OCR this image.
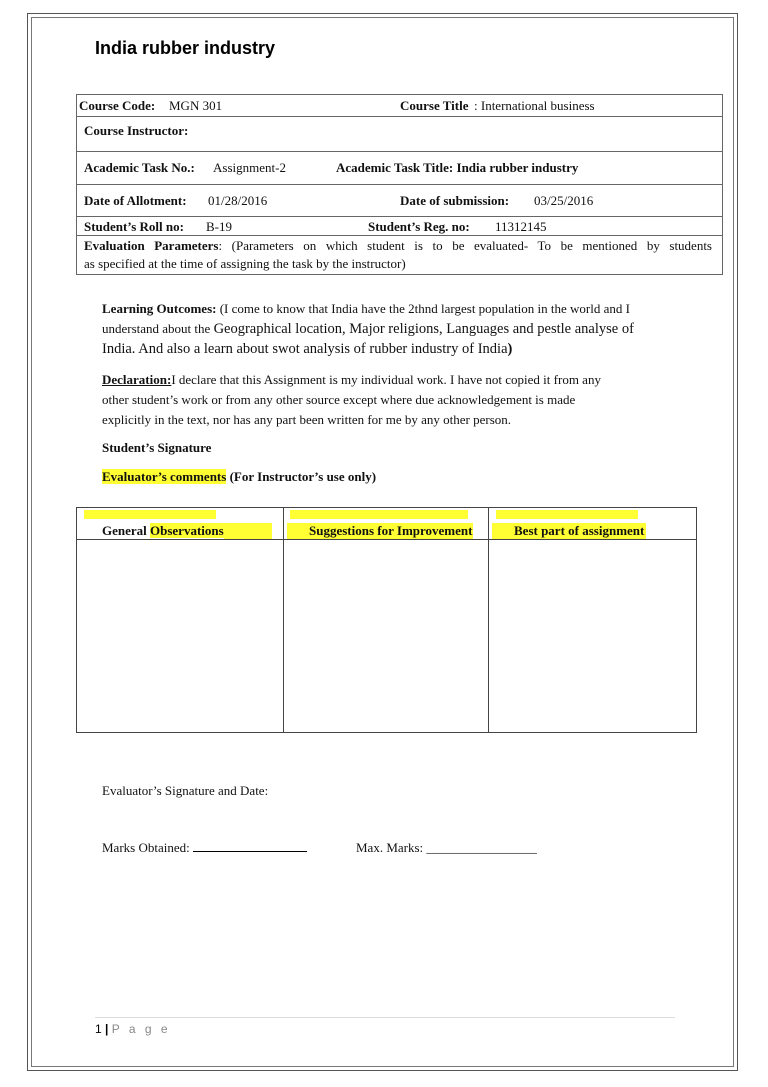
India rubber industry
Course Code: MGN 301	Course Title : International business
Course Instructor:
Academic Task No.: Assignment-2	Academic Task Title: India rubber industry
Date of Allotment: 01/28/2016	Date of submission: 03/25/2016
Student’s Roll no: B-19	Student’s Reg. no: 11312145
Evaluation Parameters: (Parameters on which student is to be evaluated- To be mentioned by students
as specified at the time of assigning the task by the instructor)
Learning Outcomes: (I come to know that India have the 2thnd largest population in the world and I
understand about the Geographical location, Major religions, Languages and pestle analyse of
India. And also a learn about swot analysis of rubber industry of India)
Declaration:I declare that this Assignment is my individual work. I have not copied it from any
other student’s work or from any other source except where due acknowledgement is made
explicitly in the text, nor has any part been written for me by any other person.
Student’s Signature
Evaluator’s comments (For Instructor’s use only)
General Observations	Suggestions for Improvement	Best part of assignment
Evaluator’s Signature and Date:
Marks Obtained:	Max. Marks: _________________
1 | P a g e
